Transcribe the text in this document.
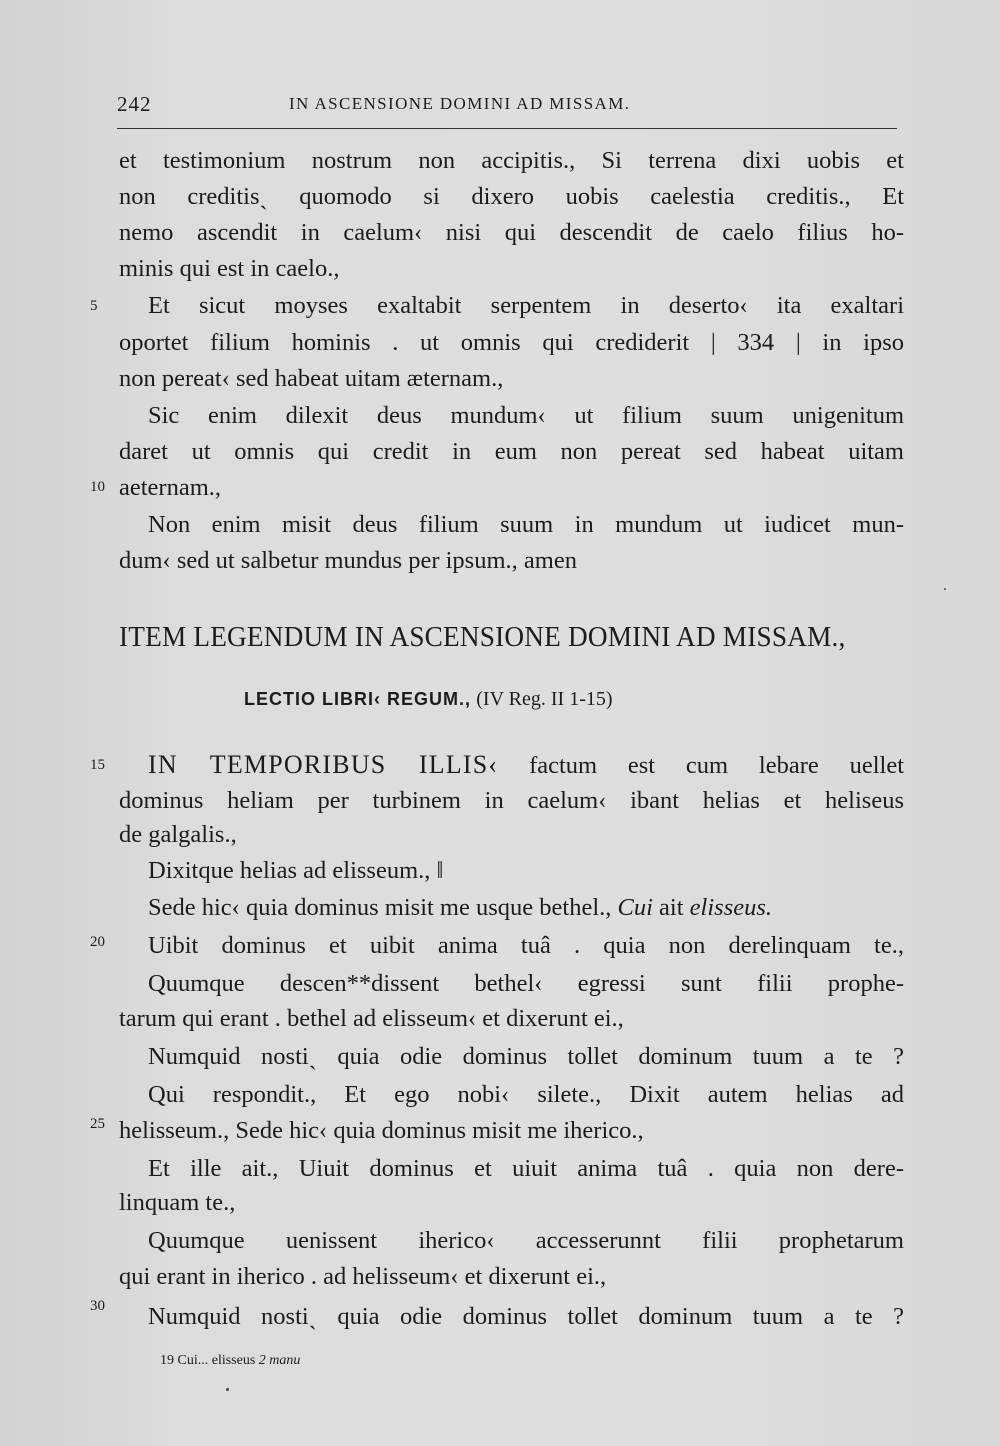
242	IN ASCENSIONE DOMINI AD MISSAM.
et testimonium nostrum non accipitis., Si terrena dixi uobis et
non creditisˎ quomodo si dixero uobis caelestia creditis., Et
nemo ascendit in caelum‹ nisi qui descendit de caelo filius ho-
minis qui est in caelo.,
Et sicut moyses exaltabit serpentem in deserto‹ ita exaltari
oportet filium hominis . ut omnis qui crediderit | 334 | in ipso
non pereat‹ sed habeat uitam æternam.,
Sic enim dilexit deus mundum‹ ut filium suum unigenitum
daret ut omnis qui credit in eum non pereat sed habeat uitam
aeternam.,
Non enim misit deus filium suum in mundum ut iudicet mun-
dum‹ sed ut salbetur mundus per ipsum., amen
5
10
ITEM LEGENDUM IN ASCENSIONE DOMINI AD MISSAM.,
LECTIO LIBRI‹ REGUM., (IV Reg. II 1-15)
IN TEMPORIBUS ILLIS‹ factum est cum lebare uellet
dominus heliam per turbinem in caelum‹ ibant helias et heliseus
de galgalis.,
Dixitque helias ad elisseum., ‖
Sede hic‹ quia dominus misit me usque bethel., Cui ait elisseus.
Uibit dominus et uibit anima tuâ . quia non derelinquam te.,
Quumque descen**dissent bethel‹ egressi sunt filii prophe-
tarum qui erant . bethel ad elisseum‹ et dixerunt ei.,
Numquid nostiˎ quia odie dominus tollet dominum tuum a te ?
Qui respondit., Et ego nobi‹ silete., Dixit autem helias ad
helisseum., Sede hic‹ quia dominus misit me iherico.,
Et ille ait., Uiuit dominus et uiuit anima tuâ . quia non dere-
linquam te.,
Quumque uenissent iherico‹ accesserunnt filii prophetarum
qui erant in iherico . ad helisseum‹ et dixerunt ei.,
Numquid nostiˎ quia odie dominus tollet dominum tuum a te ?
15
20
25
30
19 Cui... elisseus 2 manu
